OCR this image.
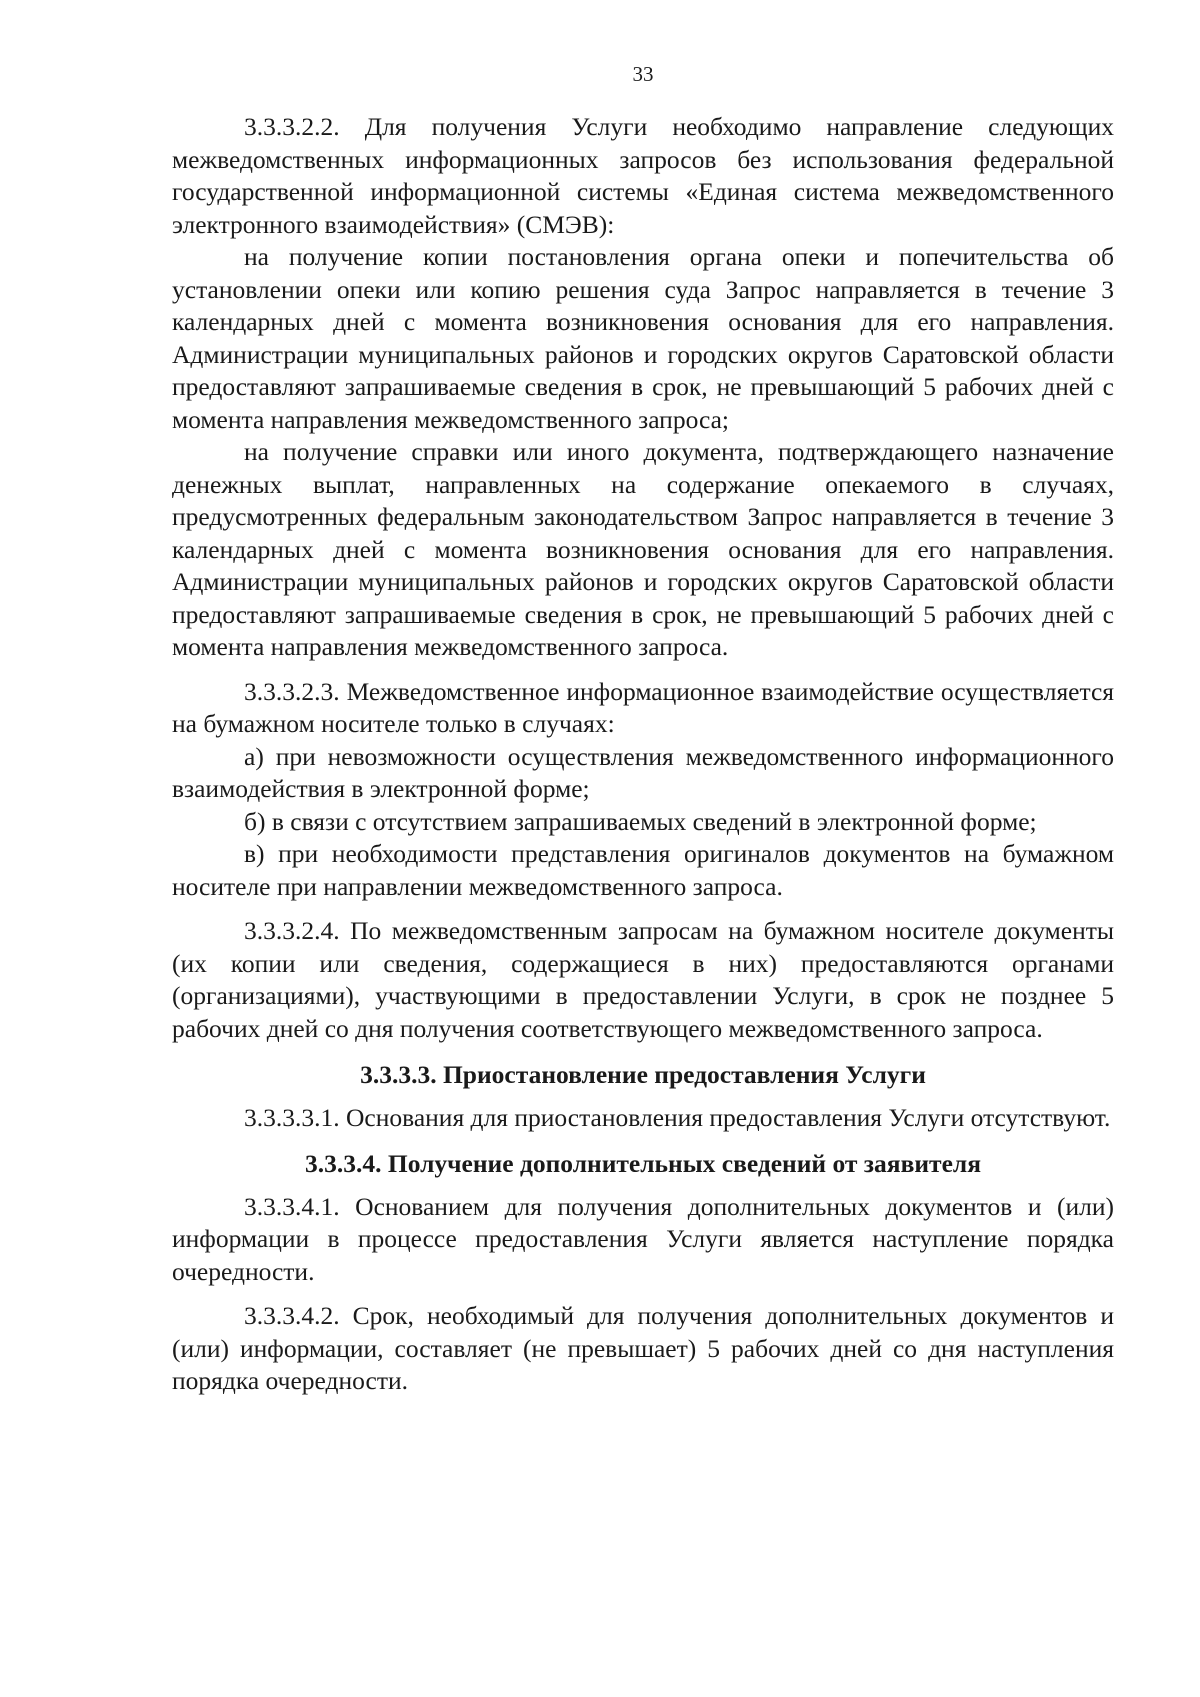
33

3.3.3.2.2. Для получения Услуги необходимо направление следующих межведомственных информационных запросов без использования федеральной государственной информационной системы «Единая система межведомственного электронного взаимодействия» (СМЭВ):

на получение копии постановления органа опеки и попечительства об установлении опеки или копию решения суда Запрос направляется в течение 3 календарных дней с момента возникновения основания для его направления. Администрации муниципальных районов и городских округов Саратовской области предоставляют запрашиваемые сведения в срок, не превышающий 5 рабочих дней с момента направления межведомственного запроса;

на получение справки или иного документа, подтверждающего назначение денежных выплат, направленных на содержание опекаемого в случаях, предусмотренных федеральным законодательством Запрос направляется в течение 3 календарных дней с момента возникновения основания для его направления. Администрации муниципальных районов и городских округов Саратовской области предоставляют запрашиваемые сведения в срок, не превышающий 5 рабочих дней с момента направления межведомственного запроса.

3.3.3.2.3. Межведомственное информационное взаимодействие осуществляется на бумажном носителе только в случаях:

а) при невозможности осуществления межведомственного информационного взаимодействия в электронной форме;

б) в связи с отсутствием запрашиваемых сведений в электронной форме;

в) при необходимости представления оригиналов документов на бумажном носителе при направлении межведомственного запроса.

3.3.3.2.4. По межведомственным запросам на бумажном носителе документы (их копии или сведения, содержащиеся в них) предоставляются органами (организациями), участвующими в предоставлении Услуги, в срок не позднее 5 рабочих дней со дня получения соответствующего межведомственного запроса.

3.3.3.3. Приостановление предоставления Услуги

3.3.3.3.1. Основания для приостановления предоставления Услуги отсутствуют.

3.3.3.4. Получение дополнительных сведений от заявителя

3.3.3.4.1. Основанием для получения дополнительных документов и (или) информации в процессе предоставления Услуги является наступление порядка очередности.

3.3.3.4.2. Срок, необходимый для получения дополнительных документов и (или) информации, составляет (не превышает) 5 рабочих дней со дня наступления порядка очередности.
